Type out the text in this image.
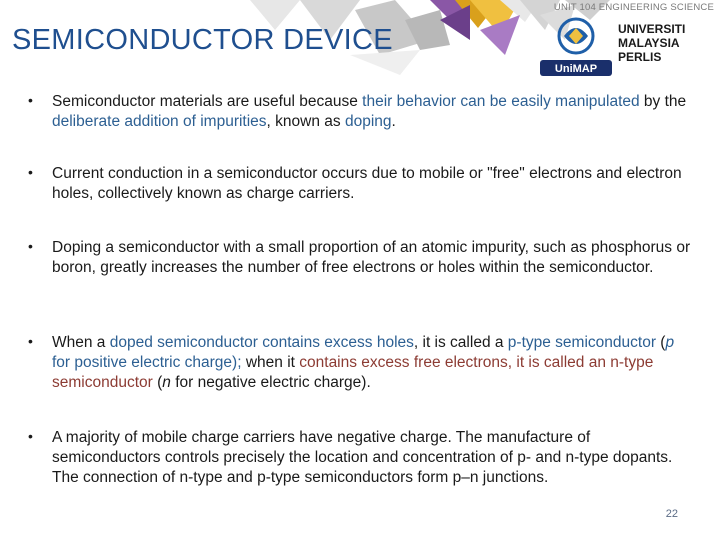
UNIT 104 ENGINEERING SCIENCE
SEMICONDUCTOR DEVICE
UniMAP
UNIVERSITI
MALAYSIA
PERLIS
• Semiconductor materials are useful because their behavior can be easily manipulated by the deliberate addition of impurities, known as doping.

• Current conduction in a semiconductor occurs due to mobile or "free" electrons and electron holes, collectively known as charge carriers.

• Doping a semiconductor with a small proportion of an atomic impurity, such as phosphorus or boron, greatly increases the number of free electrons or holes within the semiconductor.

• When a doped semiconductor contains excess holes, it is called a p-type semiconductor (p for positive electric charge); when it contains excess free electrons, it is called an n-type semiconductor (n for negative electric charge).

• A majority of mobile charge carriers have negative charge. The manufacture of semiconductors controls precisely the location and concentration of p- and n-type dopants. The connection of n-type and p-type semiconductors form p–n junctions.

22
